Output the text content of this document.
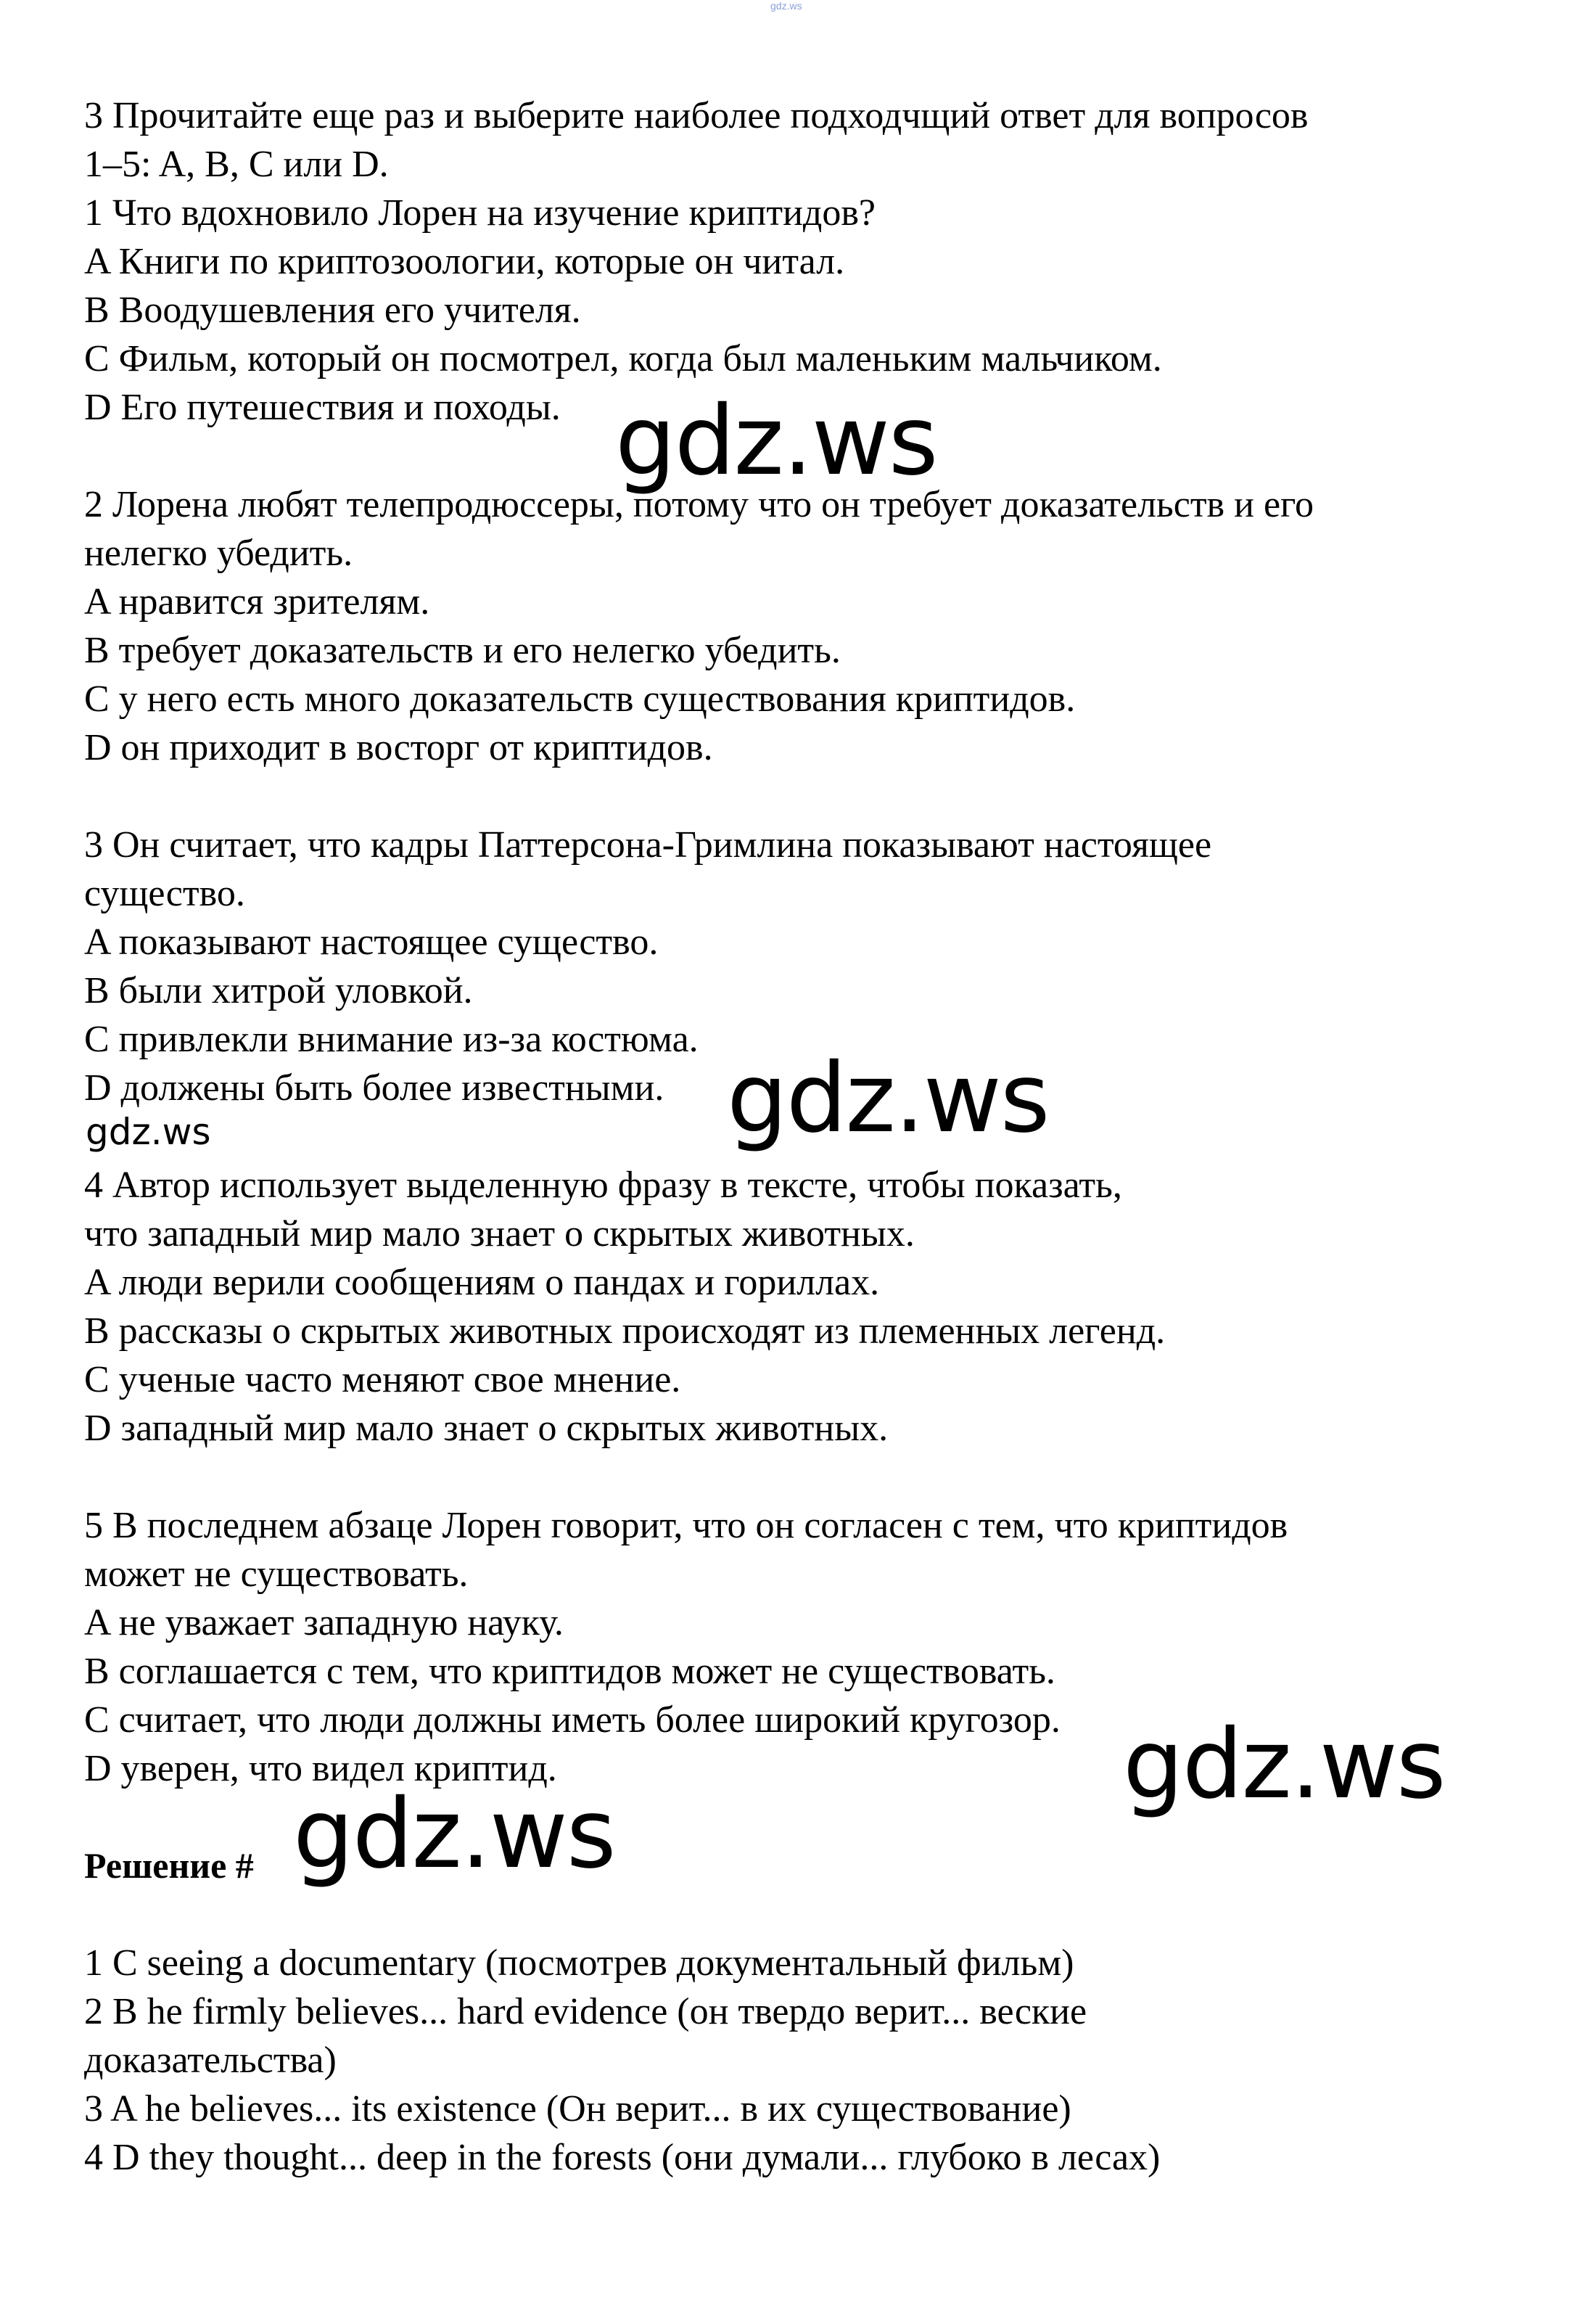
gdz.ws
3 Прочитайте еще раз и выберите наиболее подходчщий ответ для вопросов
1–5: A, B, C или D.
1 Что вдохновило Лорен на изучение криптидов?
A Книги по криптозоологии, которые он читал.
B Воодушевления его учителя.
C Фильм, который он посмотрел, когда был маленьким мальчиком.
D Его путешествия и походы.
2 Лорена любят телепродюссеры, потому что он требует доказательств и его
нелегко убедить.
A нравится зрителям.
B требует доказательств и его нелегко убедить.
C у него есть много доказательств существования криптидов.
D он приходит в восторг от криптидов.
3 Он считает, что кадры Паттерсона-Гримлина показывают настоящее
существо.
A показывают настоящее существо.
B были хитрой уловкой.
C привлекли внимание из-за костюма.
D должены быть более известными.
4 Автор использует выделенную фразу в тексте, чтобы показать,
что западный мир мало знает о скрытых животных.
A люди верили сообщениям о пандах и гориллах.
B рассказы о скрытых животных происходят из племенных легенд.
C ученые часто меняют свое мнение.
D западный мир мало знает о скрытых животных.
5 В последнем абзаце Лорен говорит, что он согласен с тем, что криптидов
может не существовать.
A не уважает западную науку.
B соглашается с тем, что криптидов может не существовать.
C считает, что люди должны иметь более широкий кругозор.
D уверен, что видел криптид.
Решение #
1 C seeing a documentary (посмотрев документальный фильм)
2 B he firmly believes... hard evidence (он твердо верит... веские
доказательства)
3 A he believes... its existence (Он верит... в их существование)
4 D they thought... deep in the forests (они думали... глубоко в лесах)
gdz.ws
gdz.ws
gdz.ws
gdz.ws
gdz.ws
